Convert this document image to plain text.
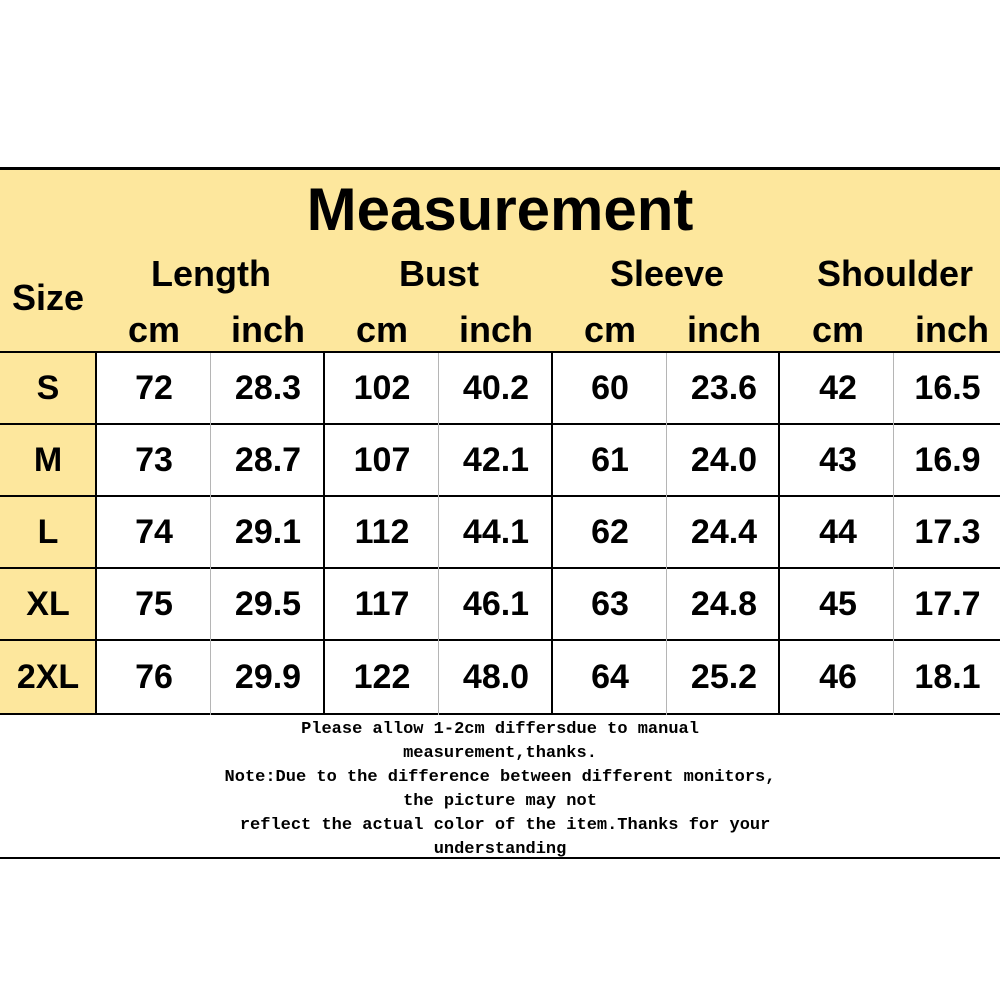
Measurement
Size
Length	Bust	Sleeve	Shoulder
cm	inch	cm	inch	cm	inch	cm	inch
S	72	28.3	102	40.2	60	23.6	42	16.5
M	73	28.7	107	42.1	61	24.0	43	16.9
L	74	29.1	112	44.1	62	24.4	44	17.3
XL	75	29.5	117	46.1	63	24.8	45	17.7
2XL	76	29.9	122	48.0	64	25.2	46	18.1
Please allow 1-2cm differsdue to manual
measurement,thanks.
Note:Due to the difference between different monitors,
the picture may not
reflect the actual color of the item.Thanks for your
understanding
